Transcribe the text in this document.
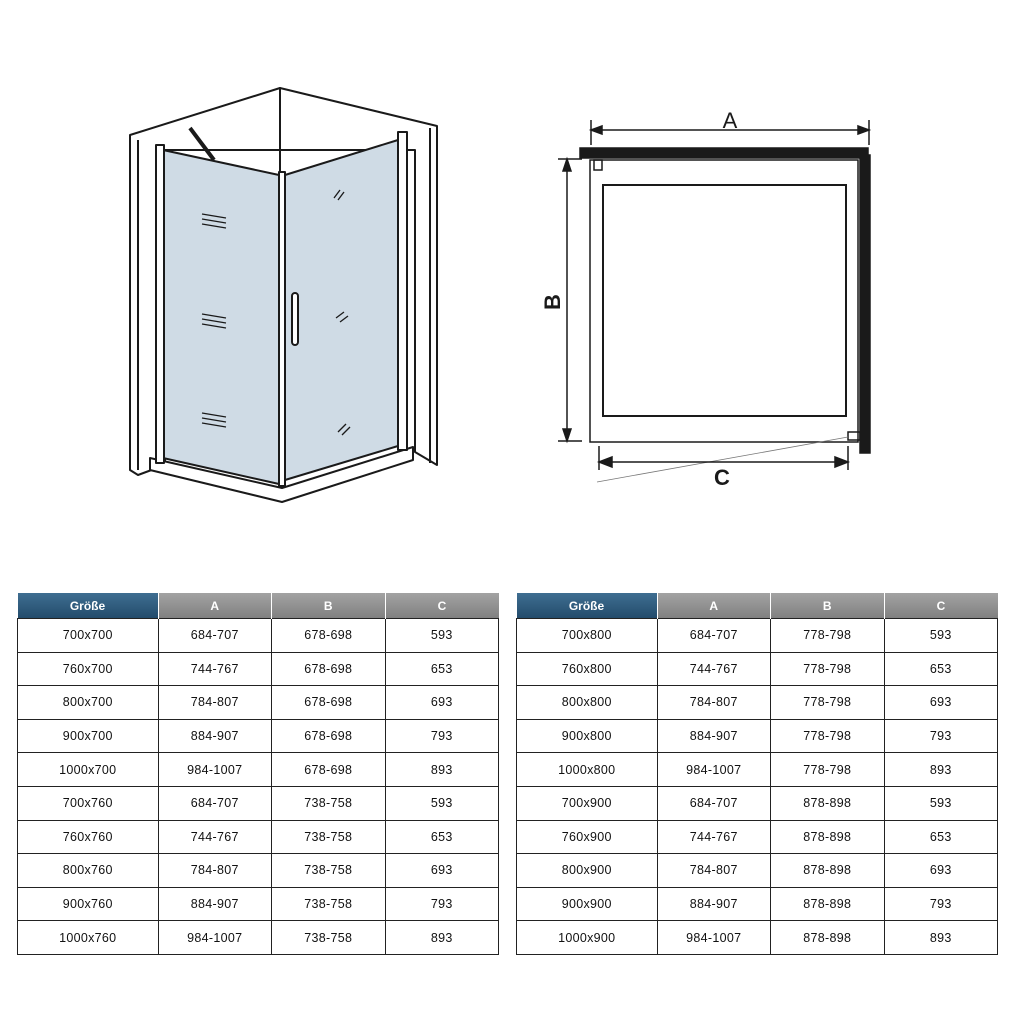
A
B
C
Größe	A	B	C
700x700	684-707	678-698	593
760x700	744-767	678-698	653
800x700	784-807	678-698	693
900x700	884-907	678-698	793
1000x700	984-1007	678-698	893
700x760	684-707	738-758	593
760x760	744-767	738-758	653
800x760	784-807	738-758	693
900x760	884-907	738-758	793
1000x760	984-1007	738-758	893
Größe	A	B	C
700x800	684-707	778-798	593
760x800	744-767	778-798	653
800x800	784-807	778-798	693
900x800	884-907	778-798	793
1000x800	984-1007	778-798	893
700x900	684-707	878-898	593
760x900	744-767	878-898	653
800x900	784-807	878-898	693
900x900	884-907	878-898	793
1000x900	984-1007	878-898	893
